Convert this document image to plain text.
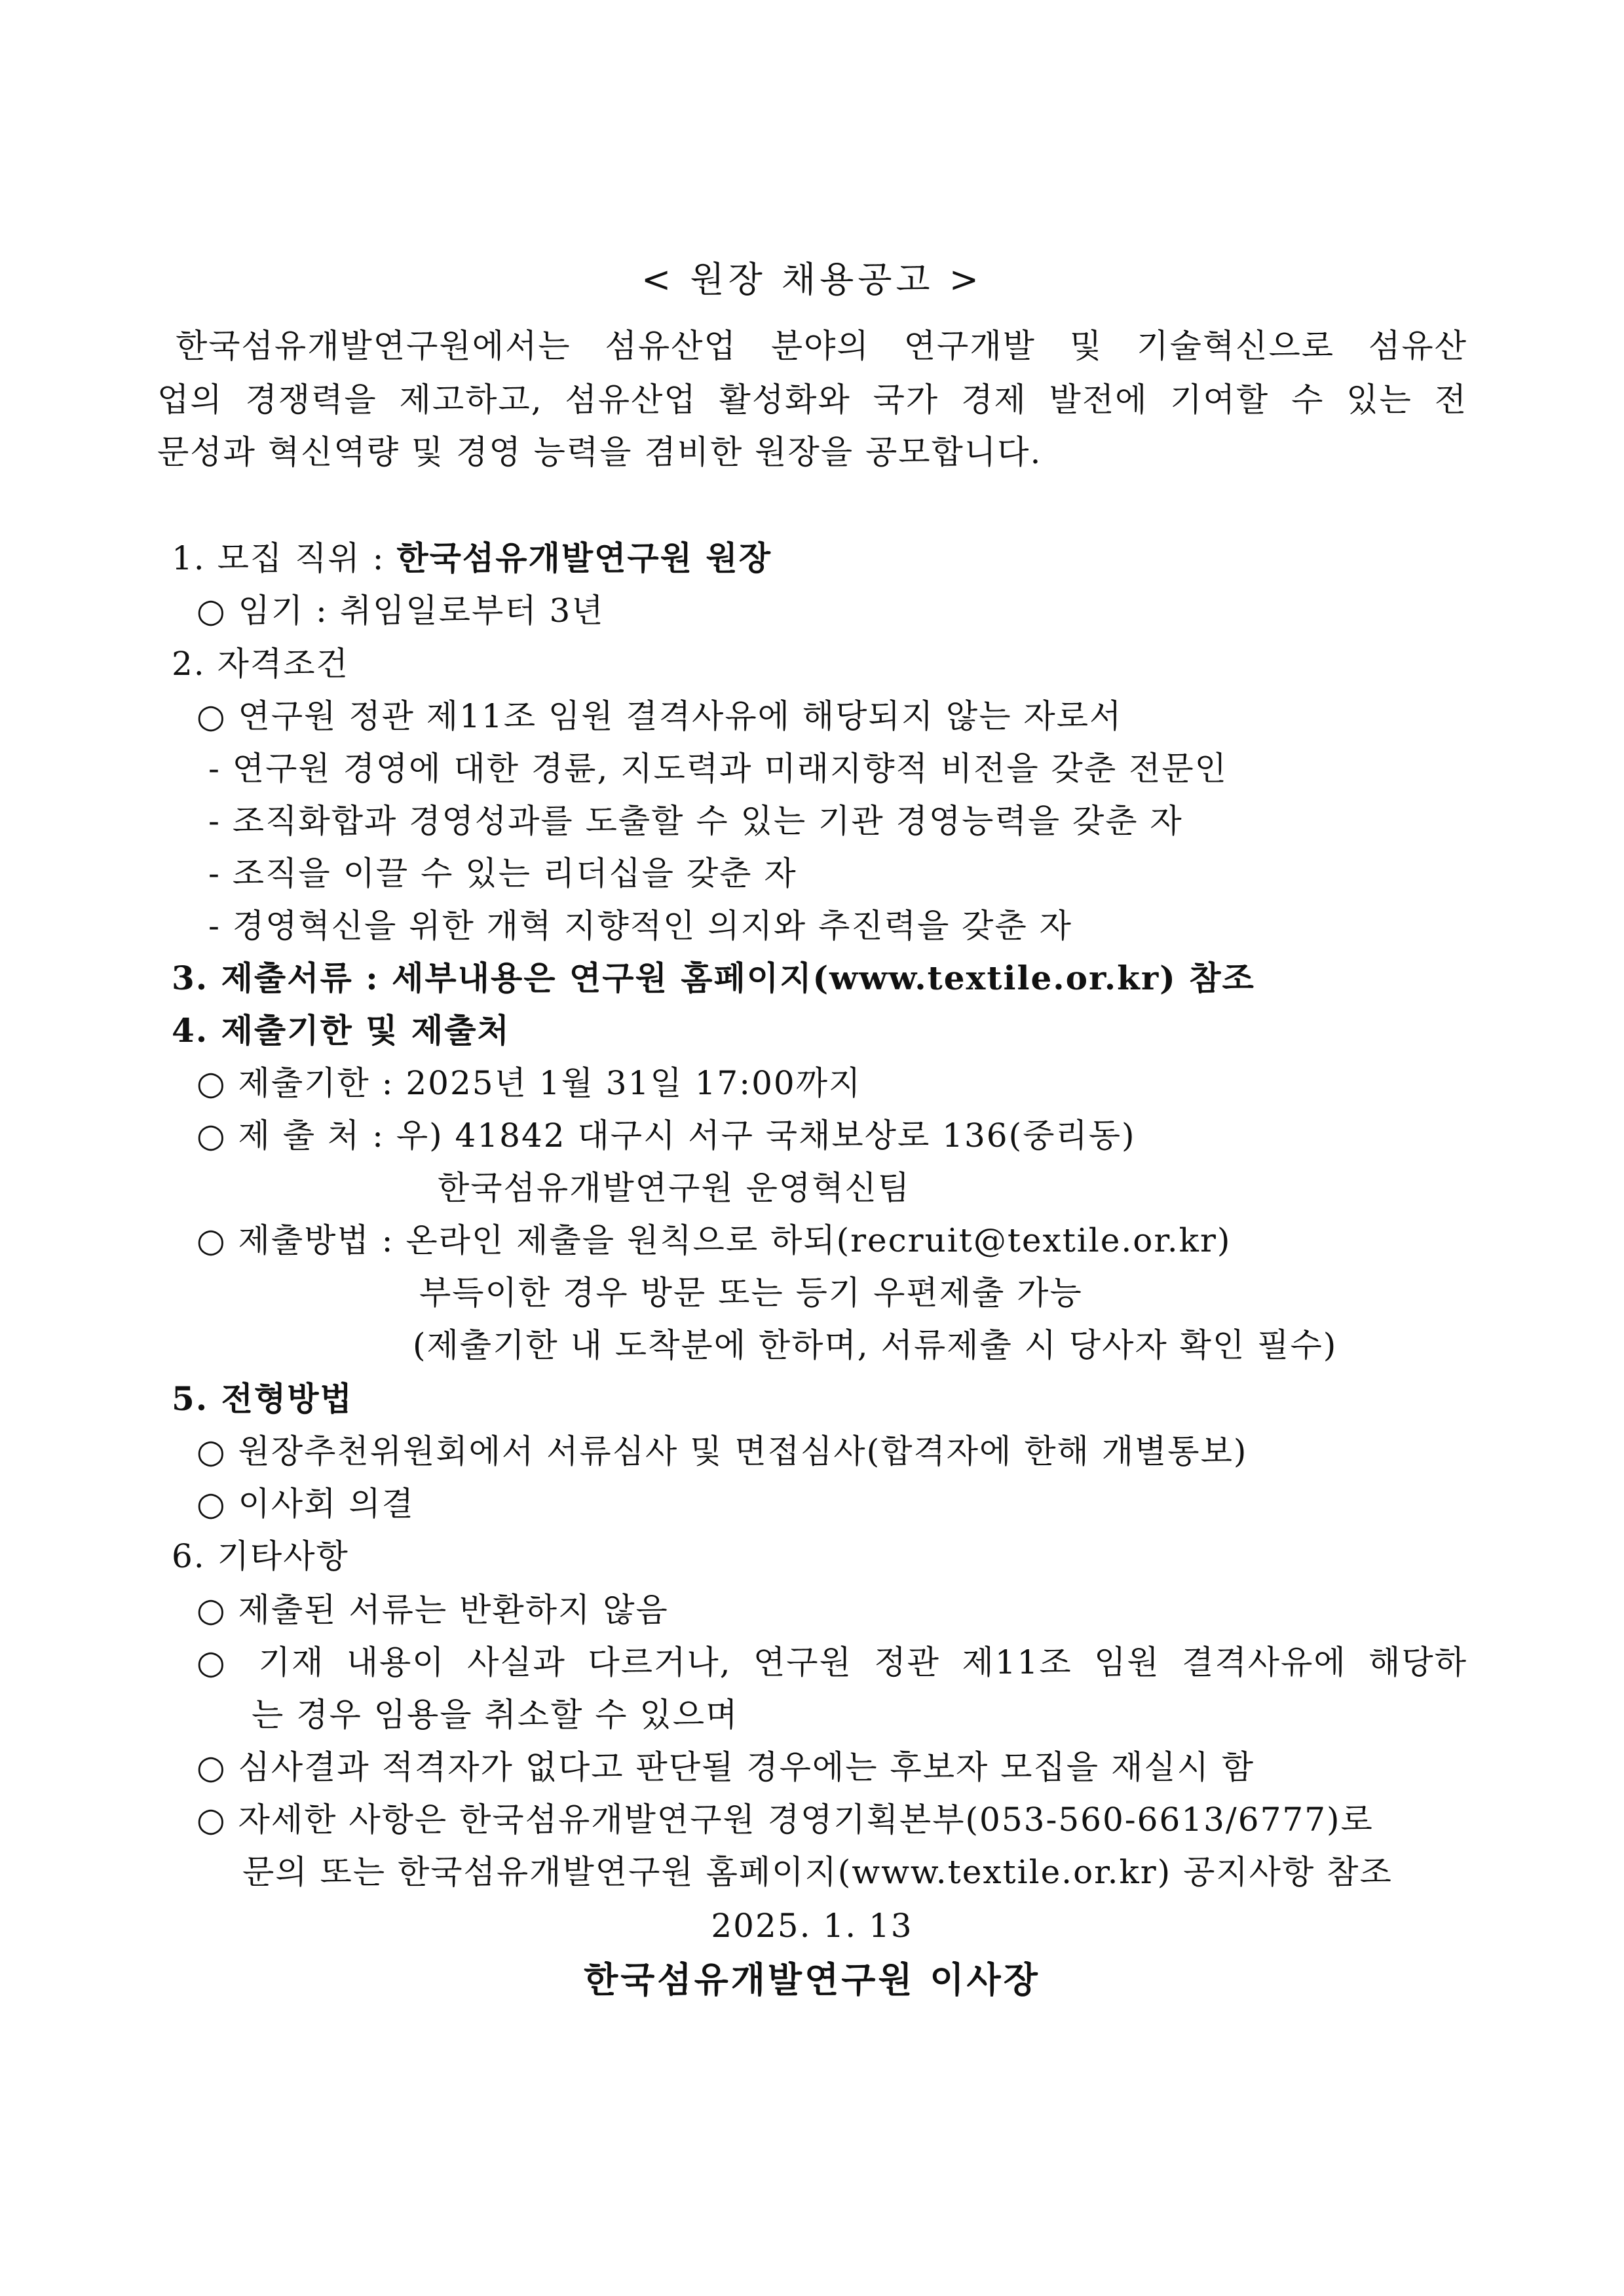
< 원장 채용공고 >
한국섬유개발연구원에서는 섬유산업 분야의 연구개발 및 기술혁신으로 섬유산
업의 경쟁력을 제고하고, 섬유산업 활성화와 국가 경제 발전에 기여할 수 있는 전
문성과 혁신역량 및 경영 능력을 겸비한 원장을 공모합니다.
1. 모집 직위 : 한국섬유개발연구원 원장
○ 임기 : 취임일로부터 3년
2. 자격조건
○ 연구원 정관 제11조 임원 결격사유에 해당되지 않는 자로서
- 연구원 경영에 대한 경륜, 지도력과 미래지향적 비전을 갖춘 전문인
- 조직화합과 경영성과를 도출할 수 있는 기관 경영능력을 갖춘 자
- 조직을 이끌 수 있는 리더십을 갖춘 자
- 경영혁신을 위한 개혁 지향적인 의지와 추진력을 갖춘 자
3. 제출서류 : 세부내용은 연구원 홈페이지(www.textile.or.kr) 참조
4. 제출기한 및 제출처
○ 제출기한 : 2025년 1월 31일 17:00까지
○ 제 출 처 : 우) 41842 대구시 서구 국채보상로 136(중리동)
한국섬유개발연구원 운영혁신팀
○ 제출방법 : 온라인 제출을 원칙으로 하되(recruit@textile.or.kr)
부득이한 경우 방문 또는 등기 우편제출 가능
(제출기한 내 도착분에 한하며, 서류제출 시 당사자 확인 필수)
5. 전형방법
○ 원장추천위원회에서 서류심사 및 면접심사(합격자에 한해 개별통보)
○ 이사회 의결
6. 기타사항
○ 제출된 서류는 반환하지 않음
○ 기재 내용이 사실과 다르거나, 연구원 정관 제11조 임원 결격사유에 해당하
는 경우 임용을 취소할 수 있으며
○ 심사결과 적격자가 없다고 판단될 경우에는 후보자 모집을 재실시 함
○ 자세한 사항은 한국섬유개발연구원 경영기획본부(053-560-6613/6777)로
문의 또는 한국섬유개발연구원 홈페이지(www.textile.or.kr) 공지사항 참조
2025. 1. 13
한국섬유개발연구원 이사장
